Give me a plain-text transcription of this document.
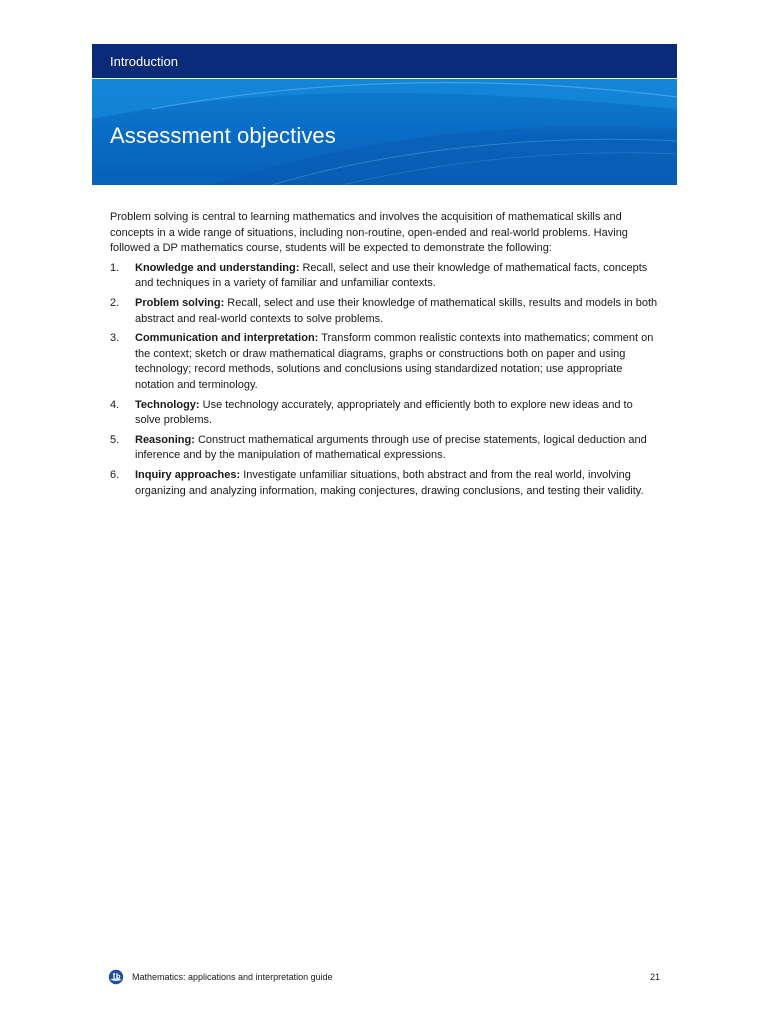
Introduction
Assessment objectives

Problem solving is central to learning mathematics and involves the acquisition of mathematical skills and concepts in a wide range of situations, including non-routine, open-ended and real-world problems. Having followed a DP mathematics course, students will be expected to demonstrate the following:

1.	Knowledge and understanding: Recall, select and use their knowledge of mathematical facts, concepts and techniques in a variety of familiar and unfamiliar contexts.
2.	Problem solving: Recall, select and use their knowledge of mathematical skills, results and models in both abstract and real-world contexts to solve problems.
3.	Communication and interpretation: Transform common realistic contexts into mathematics; comment on the context; sketch or draw mathematical diagrams, graphs or constructions both on paper and using technology; record methods, solutions and conclusions using standardized notation; use appropriate notation and terminology.
4.	Technology: Use technology accurately, appropriately and efficiently both to explore new ideas and to solve problems.
5.	Reasoning: Construct mathematical arguments through use of precise statements, logical deduction and inference and by the manipulation of mathematical expressions.
6.	Inquiry approaches: Investigate unfamiliar situations, both abstract and from the real world, involving organizing and analyzing information, making conjectures, drawing conclusions, and testing their validity.
Mathematics: applications and interpretation guide	21
